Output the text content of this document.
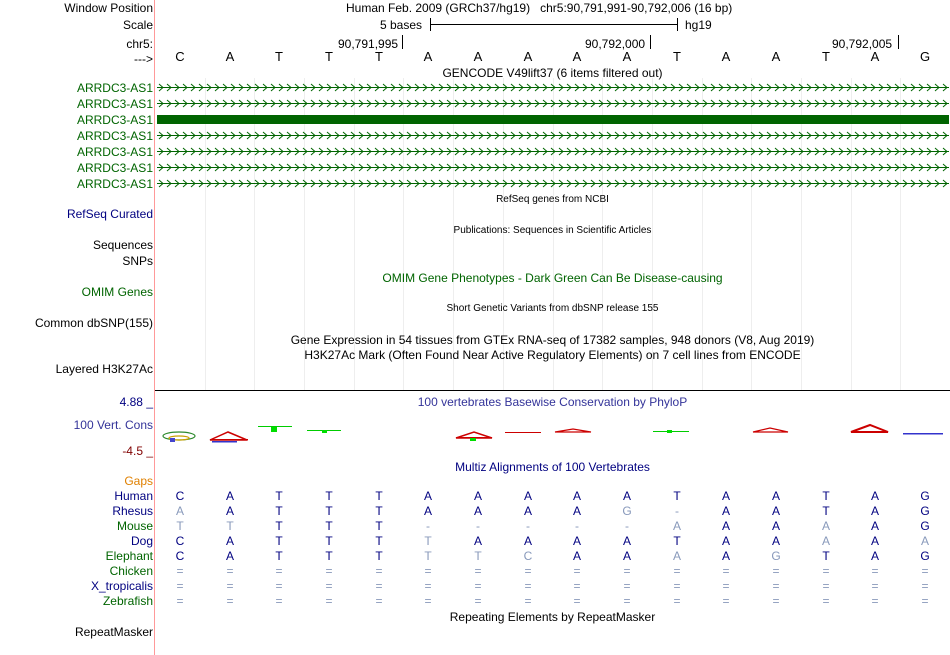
Window Position	Human Feb. 2009 (GRCh37/hg19)   chr5:90,791,991-90,792,006 (16 bp)
Scale	5 bases	hg19
chr5:	90,791,995	90,792,000	90,792,005
--->	C	A	T	T	T	A	A	A	A	A	T	A	A	T	A	G
GENCODE V49lift37 (6 items filtered out)
ARRDC3-AS1
ARRDC3-AS1
ARRDC3-AS1
ARRDC3-AS1
ARRDC3-AS1
ARRDC3-AS1
ARRDC3-AS1
RefSeq Curated
RefSeq genes from NCBI
Publications: Sequences in Scientific Articles
Sequences
SNPs
OMIM Gene Phenotypes - Dark Green Can Be Disease-causing
OMIM Genes
Short Genetic Variants from dbSNP release 155
Common dbSNP(155)
Gene Expression in 54 tissues from GTEx RNA-seq of 17382 samples, 948 donors (V8, Aug 2019)
H3K27Ac Mark (Often Found Near Active Regulatory Elements) on 7 cell lines from ENCODE
Layered H3K27Ac
100 vertebrates Basewise Conservation by PhyloP
4.88 _
100 Vert. Cons
-4.5 _
Multiz Alignments of 100 Vertebrates
Gaps
Human	C	A	T	T	T	A	A	A	A	A	T	A	A	T	A	G
Rhesus	A	A	T	T	T	A	A	A	A	G	-	A	A	T	A	G
Mouse	T	T	T	T	T	-	-	-	-	-	A	A	A	A	A	G
Dog	C	A	T	T	T	T	A	A	A	A	T	A	A	A	A	A
Elephant	C	A	T	T	T	T	T	C	A	A	A	A	G	T	A	G
Chicken	=	=	=	=	=	=	=	=	=	=	=	=	=	=	=	=
X_tropicalis	=	=	=	=	=	=	=	=	=	=	=	=	=	=	=	=
Zebrafish	=	=	=	=	=	=	=	=	=	=	=	=	=	=	=	=
Repeating Elements by RepeatMasker
RepeatMasker
